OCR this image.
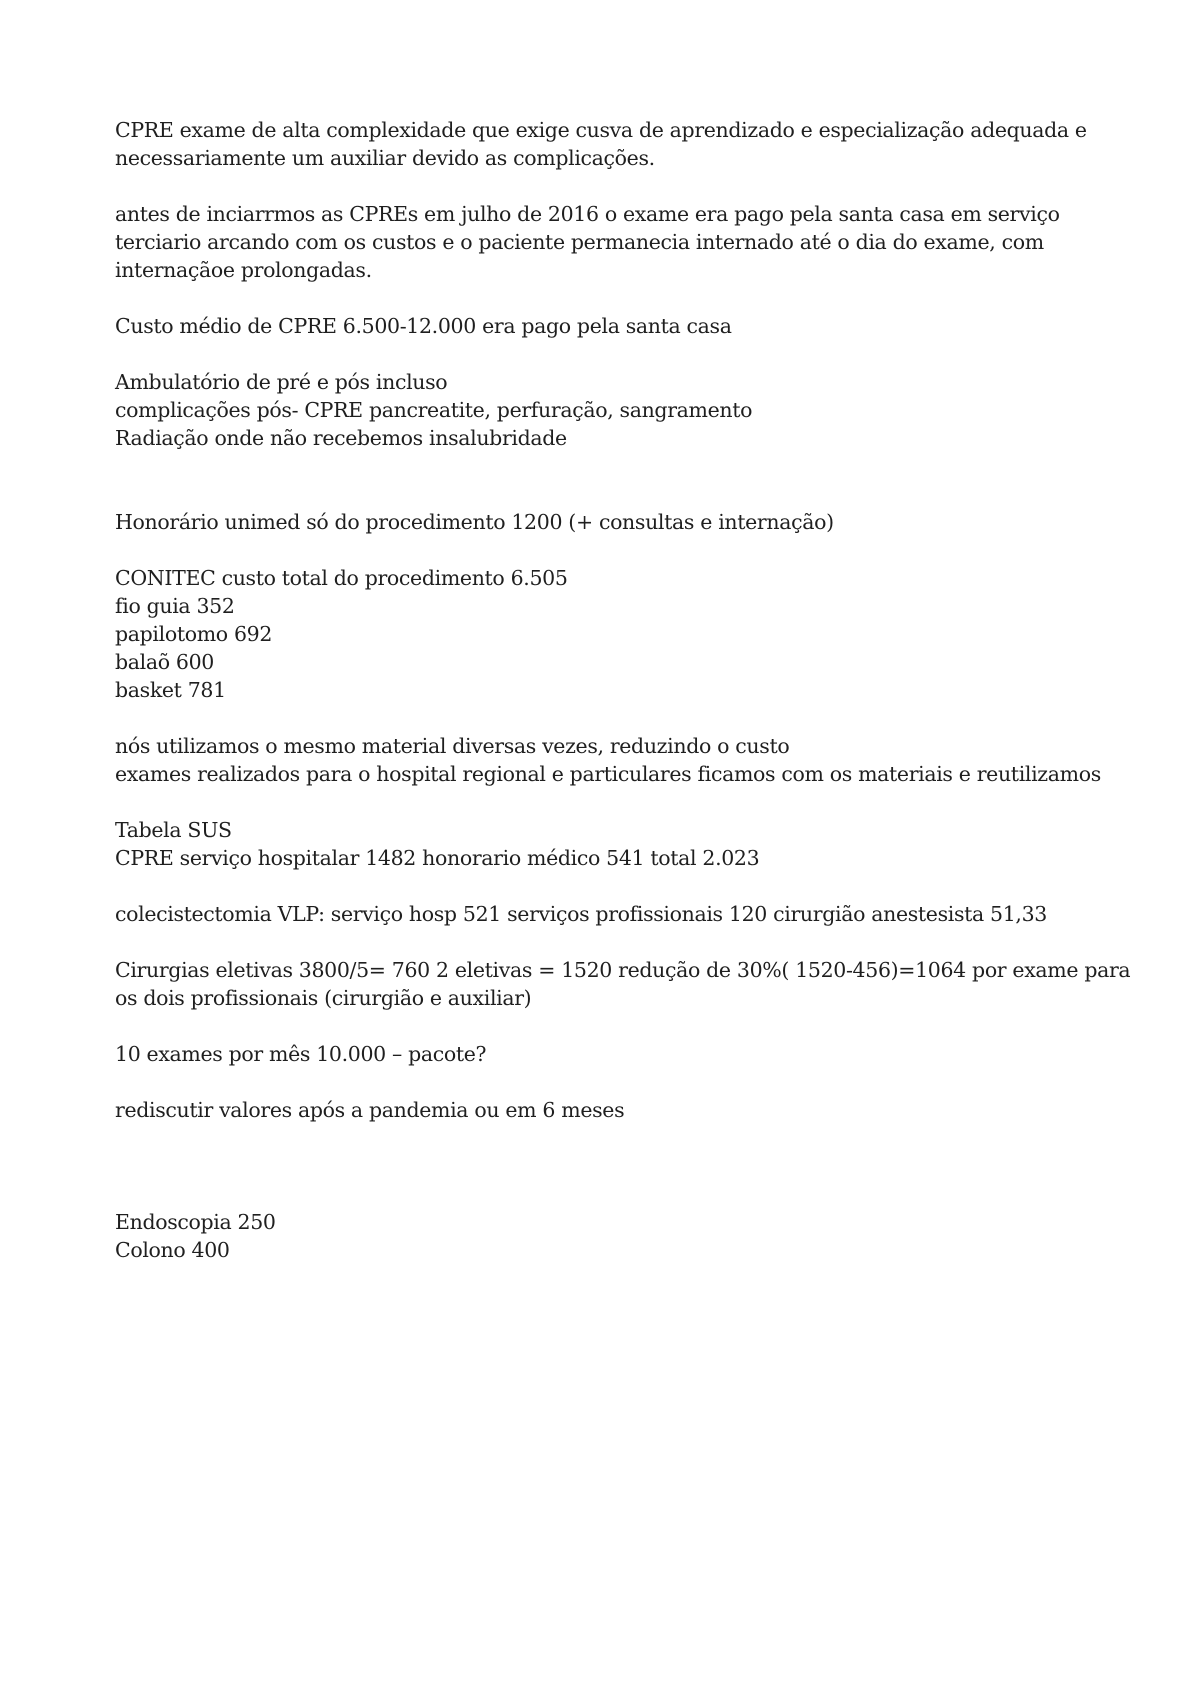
CPRE exame de alta complexidade que exige cusva de aprendizado e especialização adequada e
necessariamente um auxiliar devido as complicações.
antes de inciarrmos as CPREs em julho de 2016 o exame era pago pela santa casa em serviço
terciario arcando com os custos e o paciente permanecia internado até o dia do exame, com
internaçãoe prolongadas.
Custo médio de CPRE 6.500-12.000 era pago pela santa casa
Ambulatório de pré e pós incluso
complicações pós- CPRE pancreatite, perfuração, sangramento
Radiação onde não recebemos insalubridade
Honorário unimed só do procedimento 1200 (+ consultas e internação)
CONITEC custo total do procedimento 6.505
fio guia 352
papilotomo 692
balaõ 600
basket 781
nós utilizamos o mesmo material diversas vezes, reduzindo o custo
exames realizados para o hospital regional e particulares ficamos com os materiais e reutilizamos
Tabela SUS
CPRE serviço hospitalar 1482 honorario médico 541 total 2.023
colecistectomia VLP: serviço hosp 521 serviços profissionais 120 cirurgião anestesista 51,33
Cirurgias eletivas 3800/5= 760 2 eletivas = 1520 redução de 30%( 1520-456)=1064 por exame para
os dois profissionais (cirurgião e auxiliar)
10 exames por mês 10.000 – pacote?
rediscutir valores após a pandemia ou em 6 meses
Endoscopia 250
Colono 400
